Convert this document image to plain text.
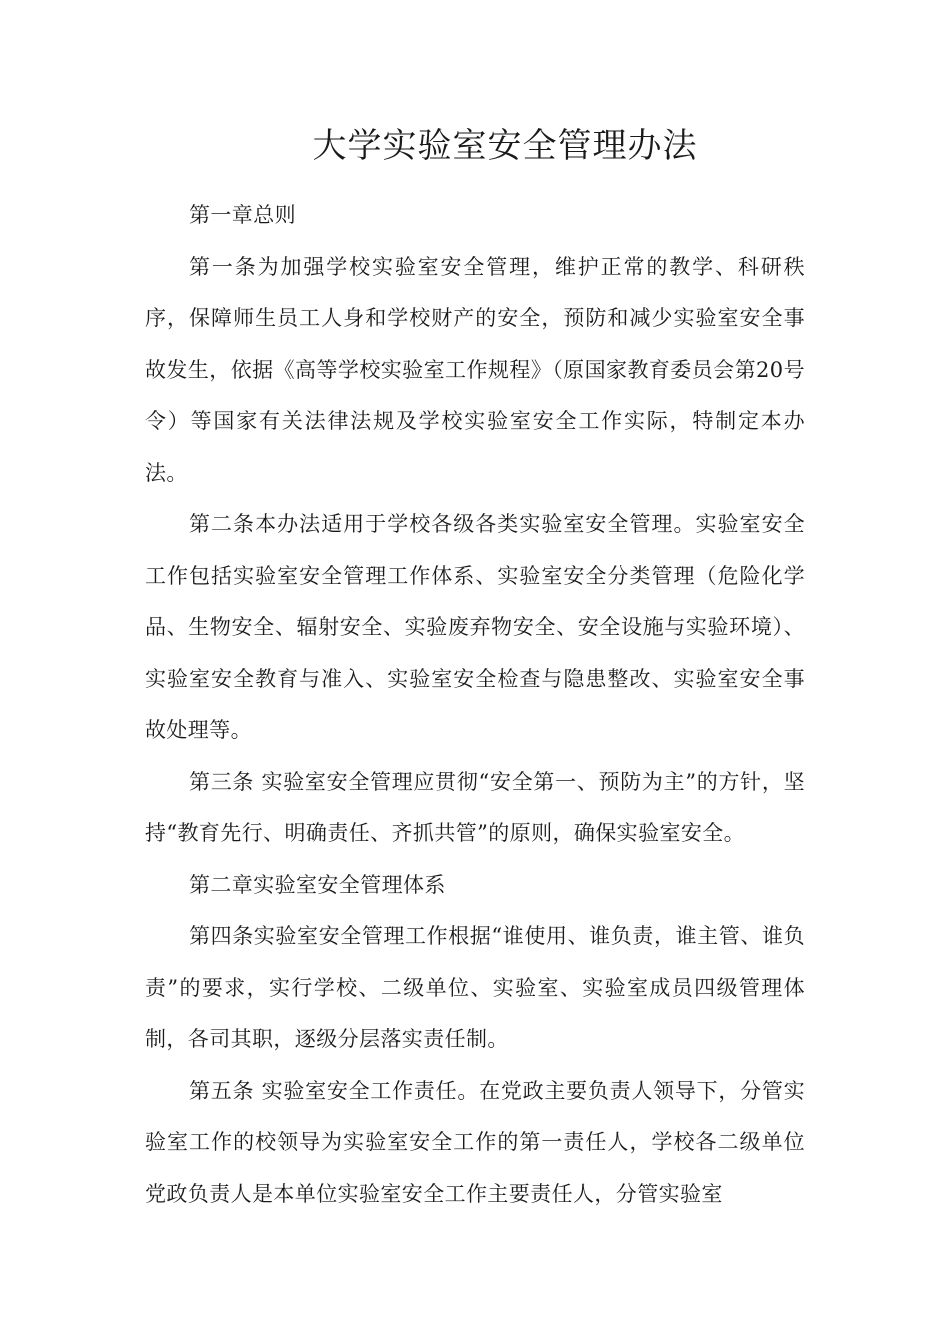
大学实验室安全管理办法

第一章总则

第一条为加强学校实验室安全管理，维护正常的教学、科研秩序，保障师生员工人身和学校财产的安全，预防和减少实验室安全事故发生，依据《高等学校实验室工作规程》（原国家教育委员会第20号令）等国家有关法律法规及学校实验室安全工作实际，特制定本办法。

第二条本办法适用于学校各级各类实验室安全管理。实验室安全工作包括实验室安全管理工作体系、实验室安全分类管理（危险化学品、生物安全、辐射安全、实验废弃物安全、安全设施与实验环境）、实验室安全教育与准入、实验室安全检查与隐患整改、实验室安全事故处理等。

第三条 实验室安全管理应贯彻“安全第一、预防为主”的方针，坚持“教育先行、明确责任、齐抓共管”的原则，确保实验室安全。

第二章实验室安全管理体系

第四条实验室安全管理工作根据“谁使用、谁负责，谁主管、谁负责”的要求，实行学校、二级单位、实验室、实验室成员四级管理体制，各司其职，逐级分层落实责任制。

第五条 实验室安全工作责任。在党政主要负责人领导下，分管实验室工作的校领导为实验室安全工作的第一责任人，学校各二级单位党政负责人是本单位实验室安全工作主要责任人，分管实验室
